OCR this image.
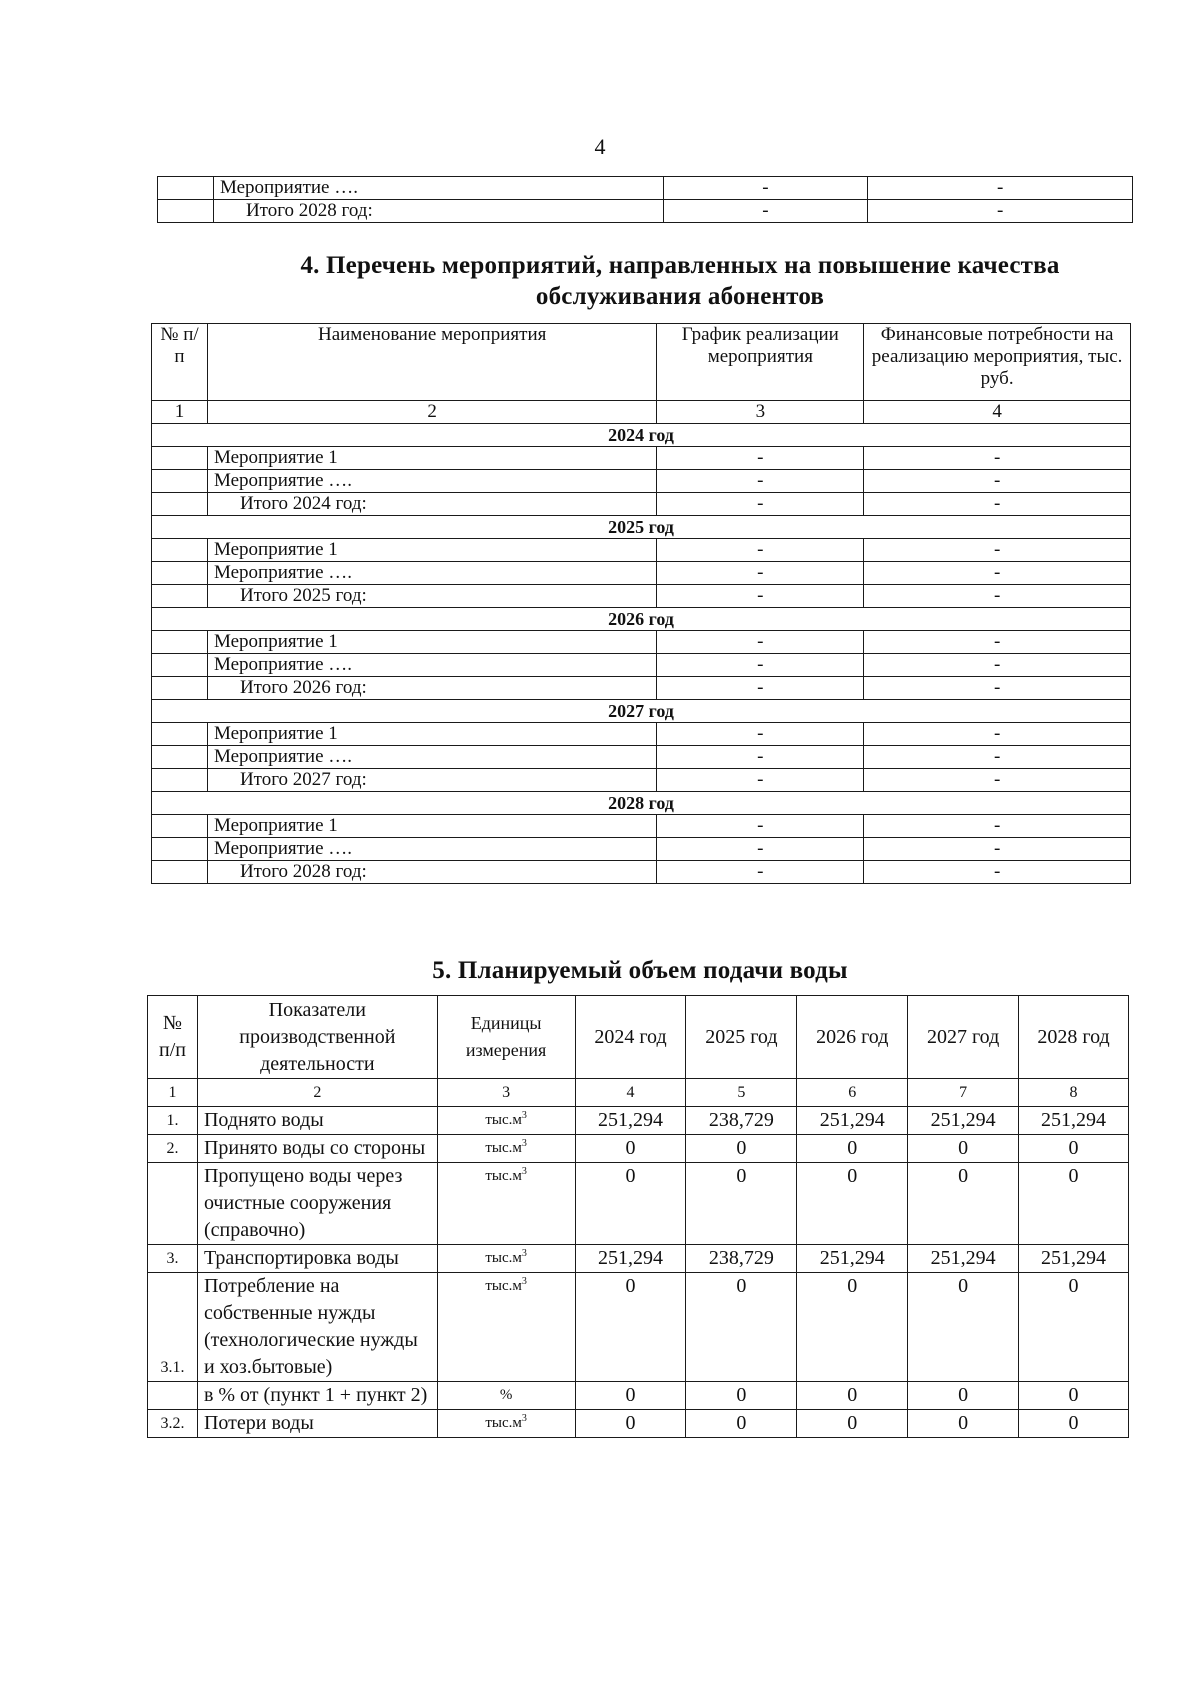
4
	Мероприятие ….	-	-
	Итого 2028 год:	-	-
4. Перечень мероприятий, направленных на повышение качества
обслуживания абонентов
№ п/п	Наименование мероприятия	График реализации мероприятия	Финансовые потребности на реализацию мероприятия, тыс. руб.
1	2	3	4
2024 год			
	Мероприятие 1	-	-
	Мероприятие ….	-	-
	Итого 2024 год:	-	-
2025 год			
	Мероприятие 1	-	-
	Мероприятие ….	-	-
	Итого 2025 год:	-	-
2026 год			
	Мероприятие 1	-	-
	Мероприятие ….	-	-
	Итого 2026 год:	-	-
2027 год			
	Мероприятие 1	-	-
	Мероприятие ….	-	-
	Итого 2027 год:	-	-
2028 год			
	Мероприятие 1	-	-
	Мероприятие ….	-	-
	Итого 2028 год:	-	-
5. Планируемый объем подачи воды
№ п/п	Показатели производственной деятельности	Единицы измерения	2024 год	2025 год	2026 год	2027 год	2028 год
1	2	3	4	5	6	7	8
1.	Поднято воды	$тыс.м^3$	251,294	238,729	251,294	251,294	251,294
2.	Принято воды со стороны	$тыс.м^3$	0	0	0	0	0
	Пропущено воды через очистные сооружения (справочно)	$тыс.м^3$	0	0	0	0	0
3.	Транспортировка воды	$тыс.м^3$	251,294	238,729	251,294	251,294	251,294
3.1.	Потребление на собственные нужды (технологические нужды и хоз.бытовые)	$тыс.м^3$	0	0	0	0	0
	в % от (пункт 1 + пункт 2)	%	0	0	0	0	0
3.2.	Потери воды	$тыс.м^3$	0	0	0	0	0
